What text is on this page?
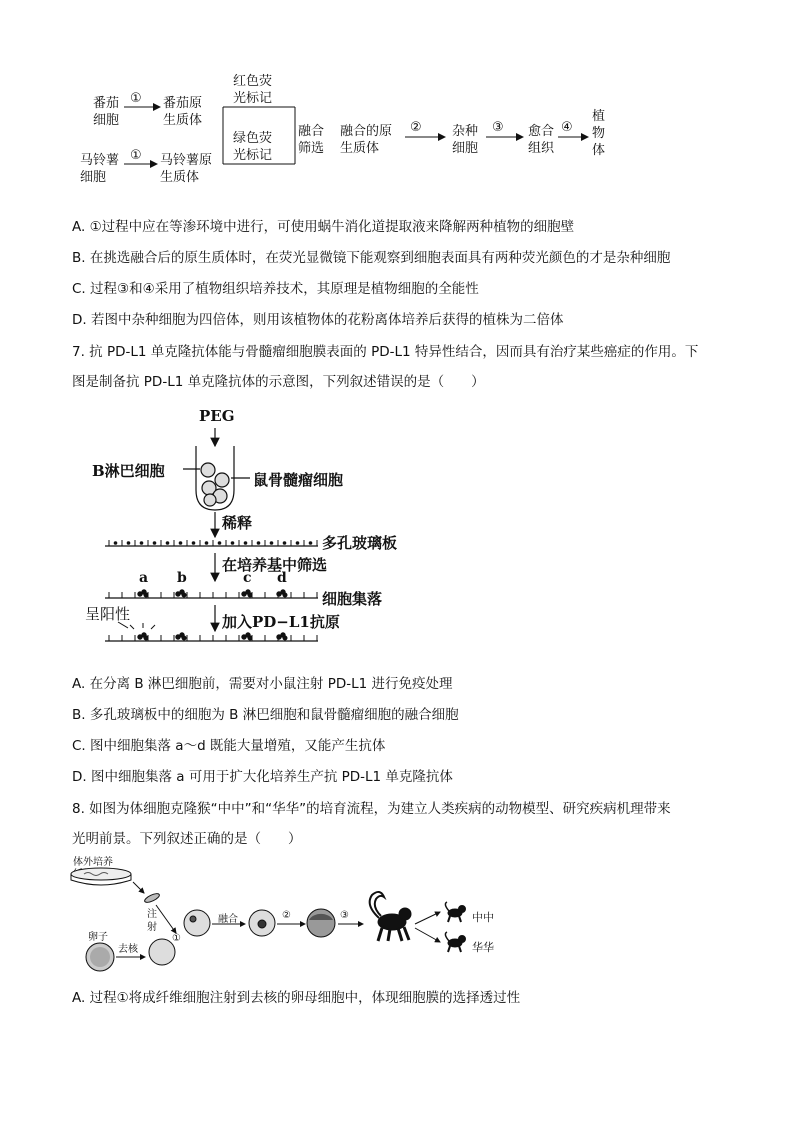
番茄
细胞
马铃薯
细胞
①
①
番茄原
生质体
马铃薯原
生质体
红色荧
光标记
绿色荧
光标记
融合
筛选
融合的原
生质体
② 杂种
细胞
③ 愈合
组织
④
植
物
体
A. ①过程中应在等渗环境中进行，可使用蜗牛消化道提取液来降解两种植物的细胞壁
B. 在挑选融合后的原生质体时，在荧光显微镜下能观察到细胞表面具有两种荧光颜色的才是杂种细胞
C. 过程③和④采用了植物组织培养技术，其原理是植物细胞的全能性
D. 若图中杂种细胞为四倍体，则用该植物体的花粉离体培养后获得的植株为二倍体
7. 抗 PD-L1 单克隆抗体能与骨髓瘤细胞膜表面的 PD-L1 特异性结合，因而具有治疗某些癌症的作用。下
图是制备抗 PD-L1 单克隆抗体的示意图，下列叙述错误的是（　　）
PEG
B淋巴细胞	鼠骨髓瘤细胞
稀释
多孔玻璃板
在培养基中筛选
细胞集落
呈阳性	加入PD−L1抗原
a b	c d
A. 在分离 B 淋巴细胞前，需要对小鼠注射 PD-L1 进行免疫处理
B. 多孔玻璃板中的细胞为 B 淋巴细胞和鼠骨髓瘤细胞的融合细胞
C. 图中细胞集落 a～d 既能大量增殖，又能产生抗体
D. 图中细胞集落 a 可用于扩大化培养生产抗 PD-L1 单克隆抗体
8. 如图为体细胞克隆猴“中中”和“华华”的培育流程，为建立人类疾病的动物模型、研究疾病机理带来
光明前景。下列叙述正确的是（　　）
体外培养

注
射
卵子
去核
①
融合	②	③	中中
华华
A. 过程①将成纤维细胞注射到去核的卵母细胞中，体现细胞膜的选择透过性
